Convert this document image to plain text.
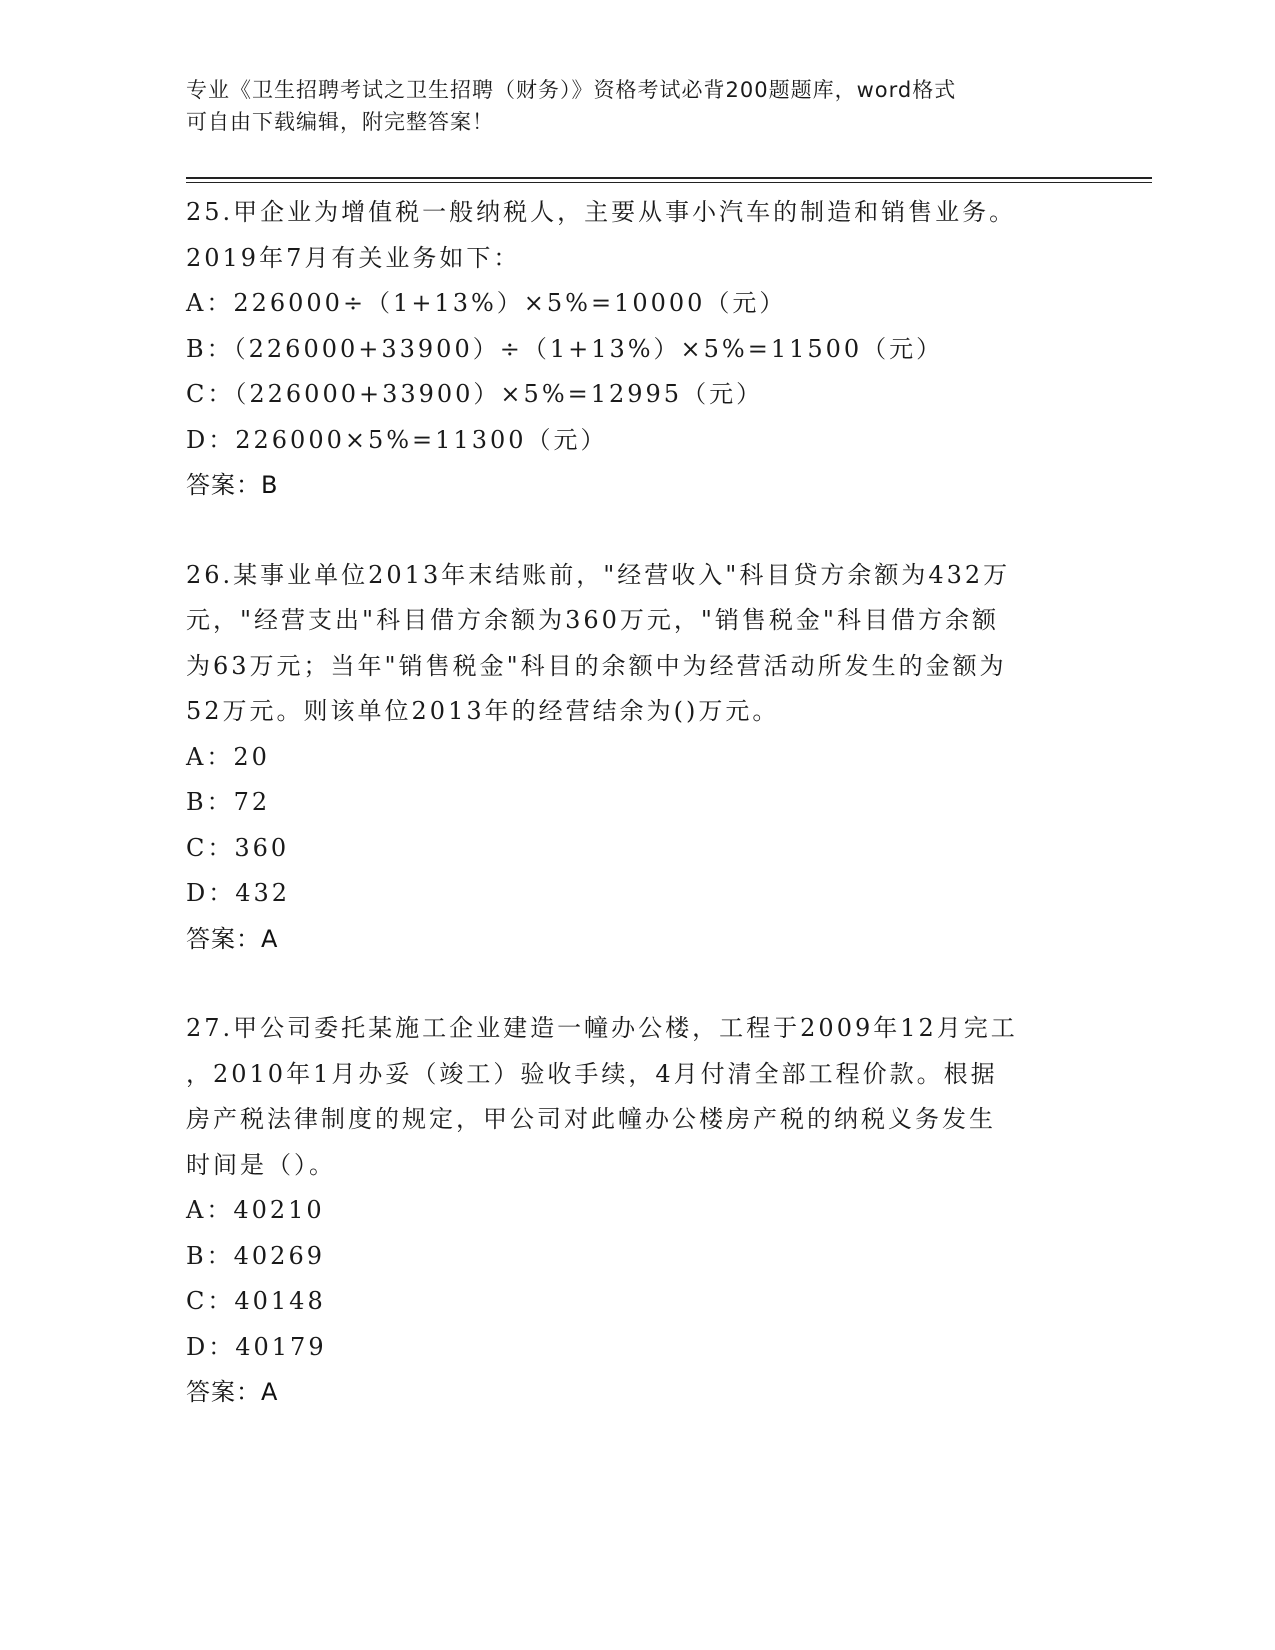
专业《卫生招聘考试之卫生招聘（财务）》资格考试必背200题题库，word格式
可自由下载编辑，附完整答案！
25.甲企业为增值税一般纳税人，主要从事小汽车的制造和销售业务。
2019年7月有关业务如下：
A：226000÷（1+13%）×5%=10000（元）
B：（226000+33900）÷（1+13%）×5%=11500（元）
C：（226000+33900）×5%=12995（元）
D：226000×5%=11300（元）
答案：B
26.某事业单位2013年末结账前，"经营收入"科目贷方余额为432万
元，"经营支出"科目借方余额为360万元，"销售税金"科目借方余额
为63万元；当年"销售税金"科目的余额中为经营活动所发生的金额为
52万元。则该单位2013年的经营结余为()万元。
A：20
B：72
C：360
D：432
答案：A
27.甲公司委托某施工企业建造一幢办公楼，工程于2009年12月完工
，2010年1月办妥（竣工）验收手续，4月付清全部工程价款。根据
房产税法律制度的规定，甲公司对此幢办公楼房产税的纳税义务发生
时间是（）。
A：40210
B：40269
C：40148
D：40179
答案：A
